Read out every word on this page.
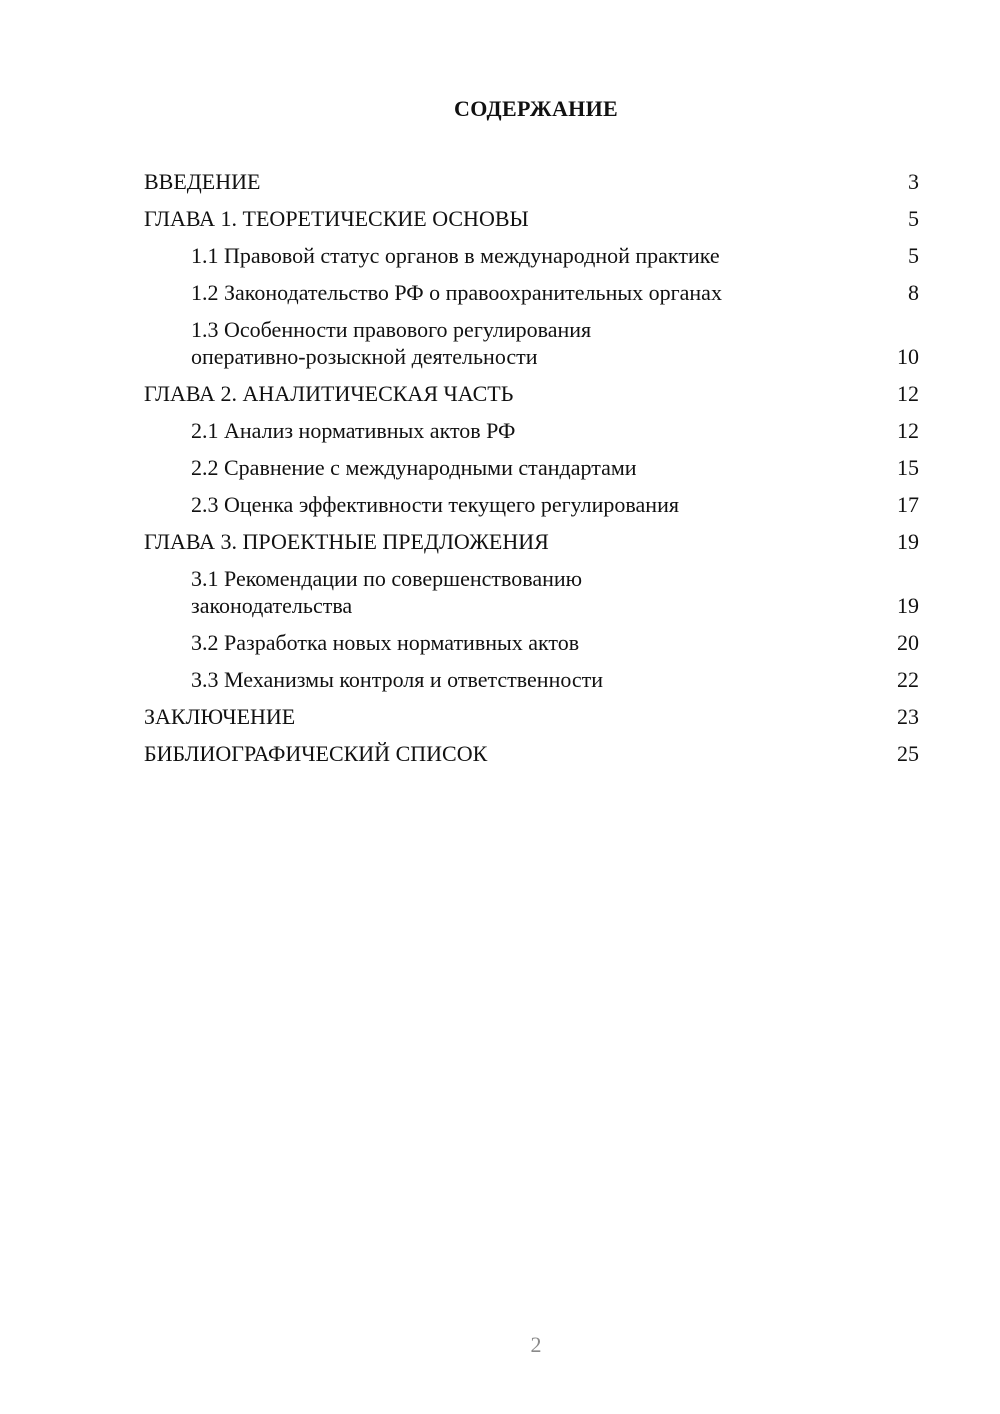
СОДЕРЖАНИЕ
ВВЕДЕНИЕ	3
ГЛАВА 1. ТЕОРЕТИЧЕСКИЕ ОСНОВЫ	5
1.1 Правовой статус органов в международной практике	5
1.2 Законодательство РФ о правоохранительных органах	8
1.3 Особенности правового регулирования
оперативно-розыскной деятельности	10
ГЛАВА 2. АНАЛИТИЧЕСКАЯ ЧАСТЬ	12
2.1 Анализ нормативных актов РФ	12
2.2 Сравнение с международными стандартами	15
2.3 Оценка эффективности текущего регулирования	17
ГЛАВА 3. ПРОЕКТНЫЕ ПРЕДЛОЖЕНИЯ	19
3.1 Рекомендации по совершенствованию
законодательства	19
3.2 Разработка новых нормативных актов	20
3.3 Механизмы контроля и ответственности	22
ЗАКЛЮЧЕНИЕ	23
БИБЛИОГРАФИЧЕСКИЙ СПИСОК	25
2
